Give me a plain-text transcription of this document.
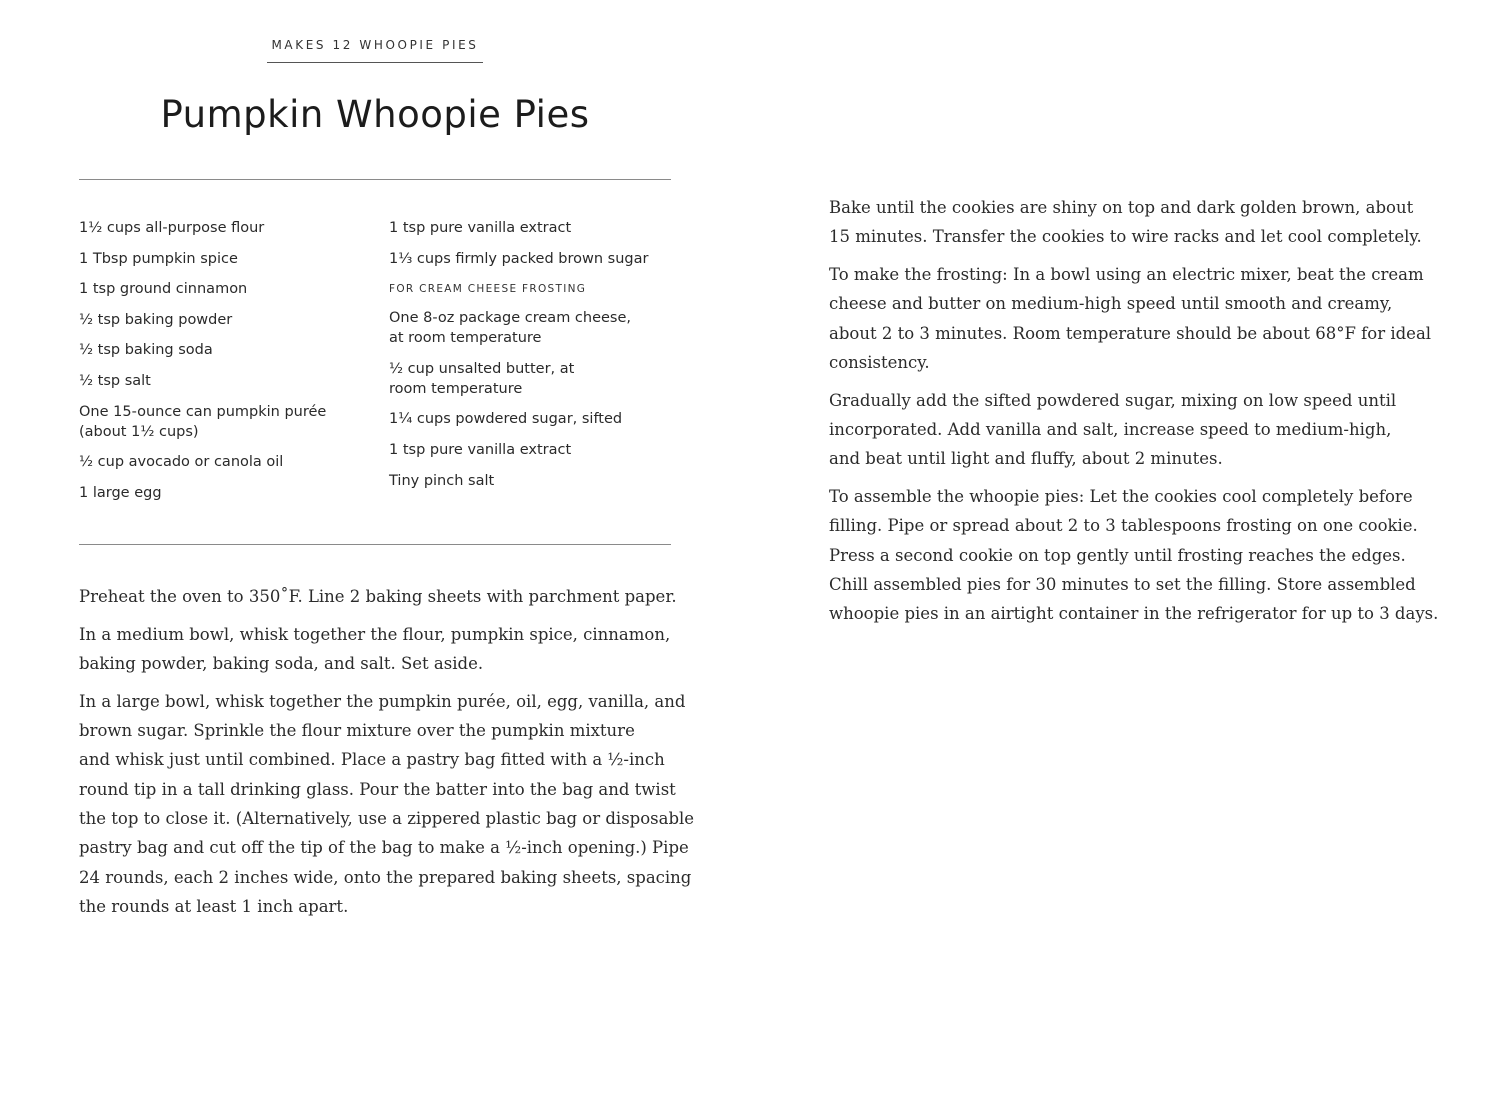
MAKES 12 WHOOPIE PIES
Pumpkin Whoopie Pies
1½ cups all-purpose flour
1 Tbsp pumpkin spice
1 tsp ground cinnamon
½ tsp baking powder
½ tsp baking soda
½ tsp salt
One 15-ounce can pumpkin purée
(about 1½ cups)
½ cup avocado or canola oil
1 large egg
1 tsp pure vanilla extract
1⅓ cups firmly packed brown sugar
FOR CREAM CHEESE FROSTING
One 8-oz package cream cheese,
at room temperature
½ cup unsalted butter, at
room temperature
1¼ cups powdered sugar, sifted
1 tsp pure vanilla extract
Tiny pinch salt

Preheat the oven to 350˚F. Line 2 baking sheets with parchment paper.

In a medium bowl, whisk together the flour, pumpkin spice, cinnamon,
baking powder, baking soda, and salt. Set aside.

In a large bowl, whisk together the pumpkin purée, oil, egg, vanilla, and
brown sugar. Sprinkle the flour mixture over the pumpkin mixture
and whisk just until combined. Place a pastry bag fitted with a ½-inch
round tip in a tall drinking glass. Pour the batter into the bag and twist
the top to close it. (Alternatively, use a zippered plastic bag or disposable
pastry bag and cut off the tip of the bag to make a ½-inch opening.) Pipe
24 rounds, each 2 inches wide, onto the prepared baking sheets, spacing
the rounds at least 1 inch apart.

Bake until the cookies are shiny on top and dark golden brown, about
15 minutes. Transfer the cookies to wire racks and let cool completely.

To make the frosting: In a bowl using an electric mixer, beat the cream
cheese and butter on medium-high speed until smooth and creamy,
about 2 to 3 minutes. Room temperature should be about 68°F for ideal
consistency.

Gradually add the sifted powdered sugar, mixing on low speed until
incorporated. Add vanilla and salt, increase speed to medium-high,
and beat until light and fluffy, about 2 minutes.

To assemble the whoopie pies: Let the cookies cool completely before
filling. Pipe or spread about 2 to 3 tablespoons frosting on one cookie.
Press a second cookie on top gently until frosting reaches the edges.
Chill assembled pies for 30 minutes to set the filling. Store assembled
whoopie pies in an airtight container in the refrigerator for up to 3 days.
